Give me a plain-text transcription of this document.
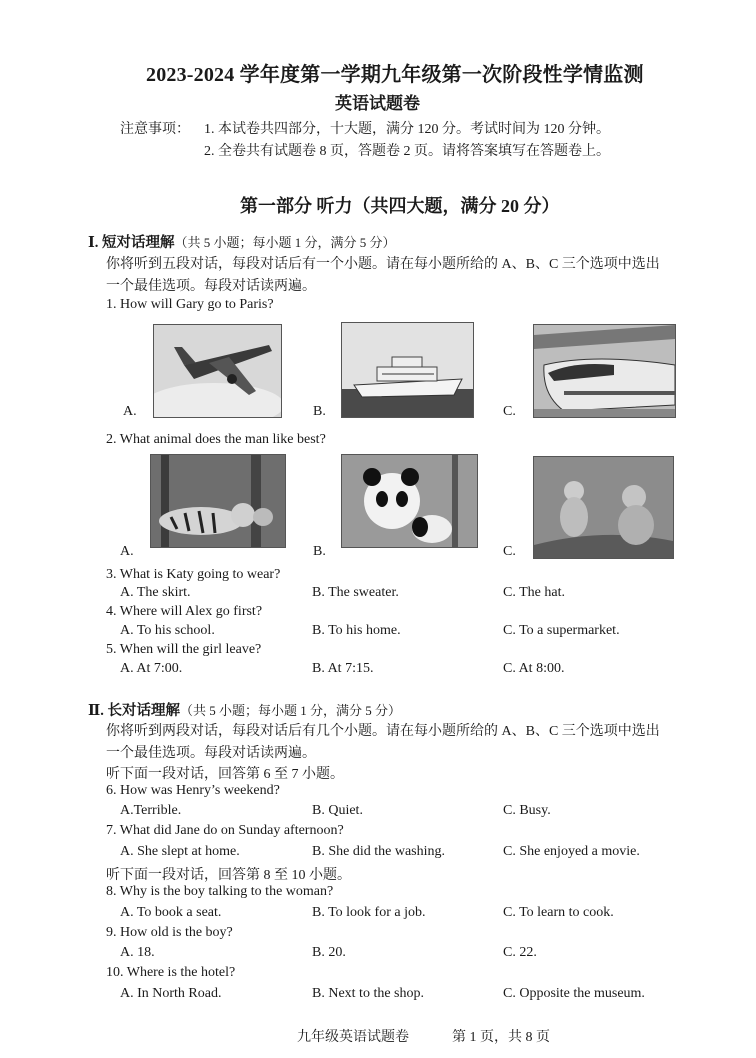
2023-2024 学年度第一学期九年级第一次阶段性学情监测
英语试题卷
注意事项： 1. 本试卷共四部分，十大题，满分 120 分。考试时间为 120 分钟。
2. 全卷共有试题卷 8 页，答题卷 2 页。请将答案填写在答题卷上。
第一部分 听力（共四大题，满分 20 分）
Ⅰ. 短对话理解（共 5 小题；每小题 1 分，满分 5 分）
你将听到五段对话，每段对话后有一个小题。请在每小题所给的 A、B、C 三个选项中选出
一个最佳选项。每段对话读两遍。
1. How will Gary go to Paris?
A.	B.	C.
2. What animal does the man like best?
A.	B.	C.
3. What is Katy going to wear?
A. The skirt.	B. The sweater.	C. The hat.
4. Where will Alex go first?
A. To his school.	B. To his home.	C. To a supermarket.
5. When will the girl leave?
A. At 7:00.	B. At 7:15.	C. At 8:00.
Ⅱ. 长对话理解（共 5 小题；每小题 1 分，满分 5 分）
你将听到两段对话，每段对话后有几个小题。请在每小题所给的 A、B、C 三个选项中选出
一个最佳选项。每段对话读两遍。
听下面一段对话，回答第 6 至 7 小题。
6. How was Henry’s weekend?
A.Terrible.	B. Quiet.	C. Busy.
7. What did Jane do on Sunday afternoon?
A. She slept at home.	B. She did the washing.	C. She enjoyed a movie.
听下面一段对话，回答第 8 至 10 小题。
8. Why is the boy talking to the woman?
A. To book a seat.	B. To look for a job.	C. To learn to cook.
9. How old is the boy?
A. 18.	B. 20.	C. 22.
10. Where is the hotel?
A. In North Road.	B. Next to the shop.	C. Opposite the museum.
九年级英语试题卷	第 1 页，共 8 页
